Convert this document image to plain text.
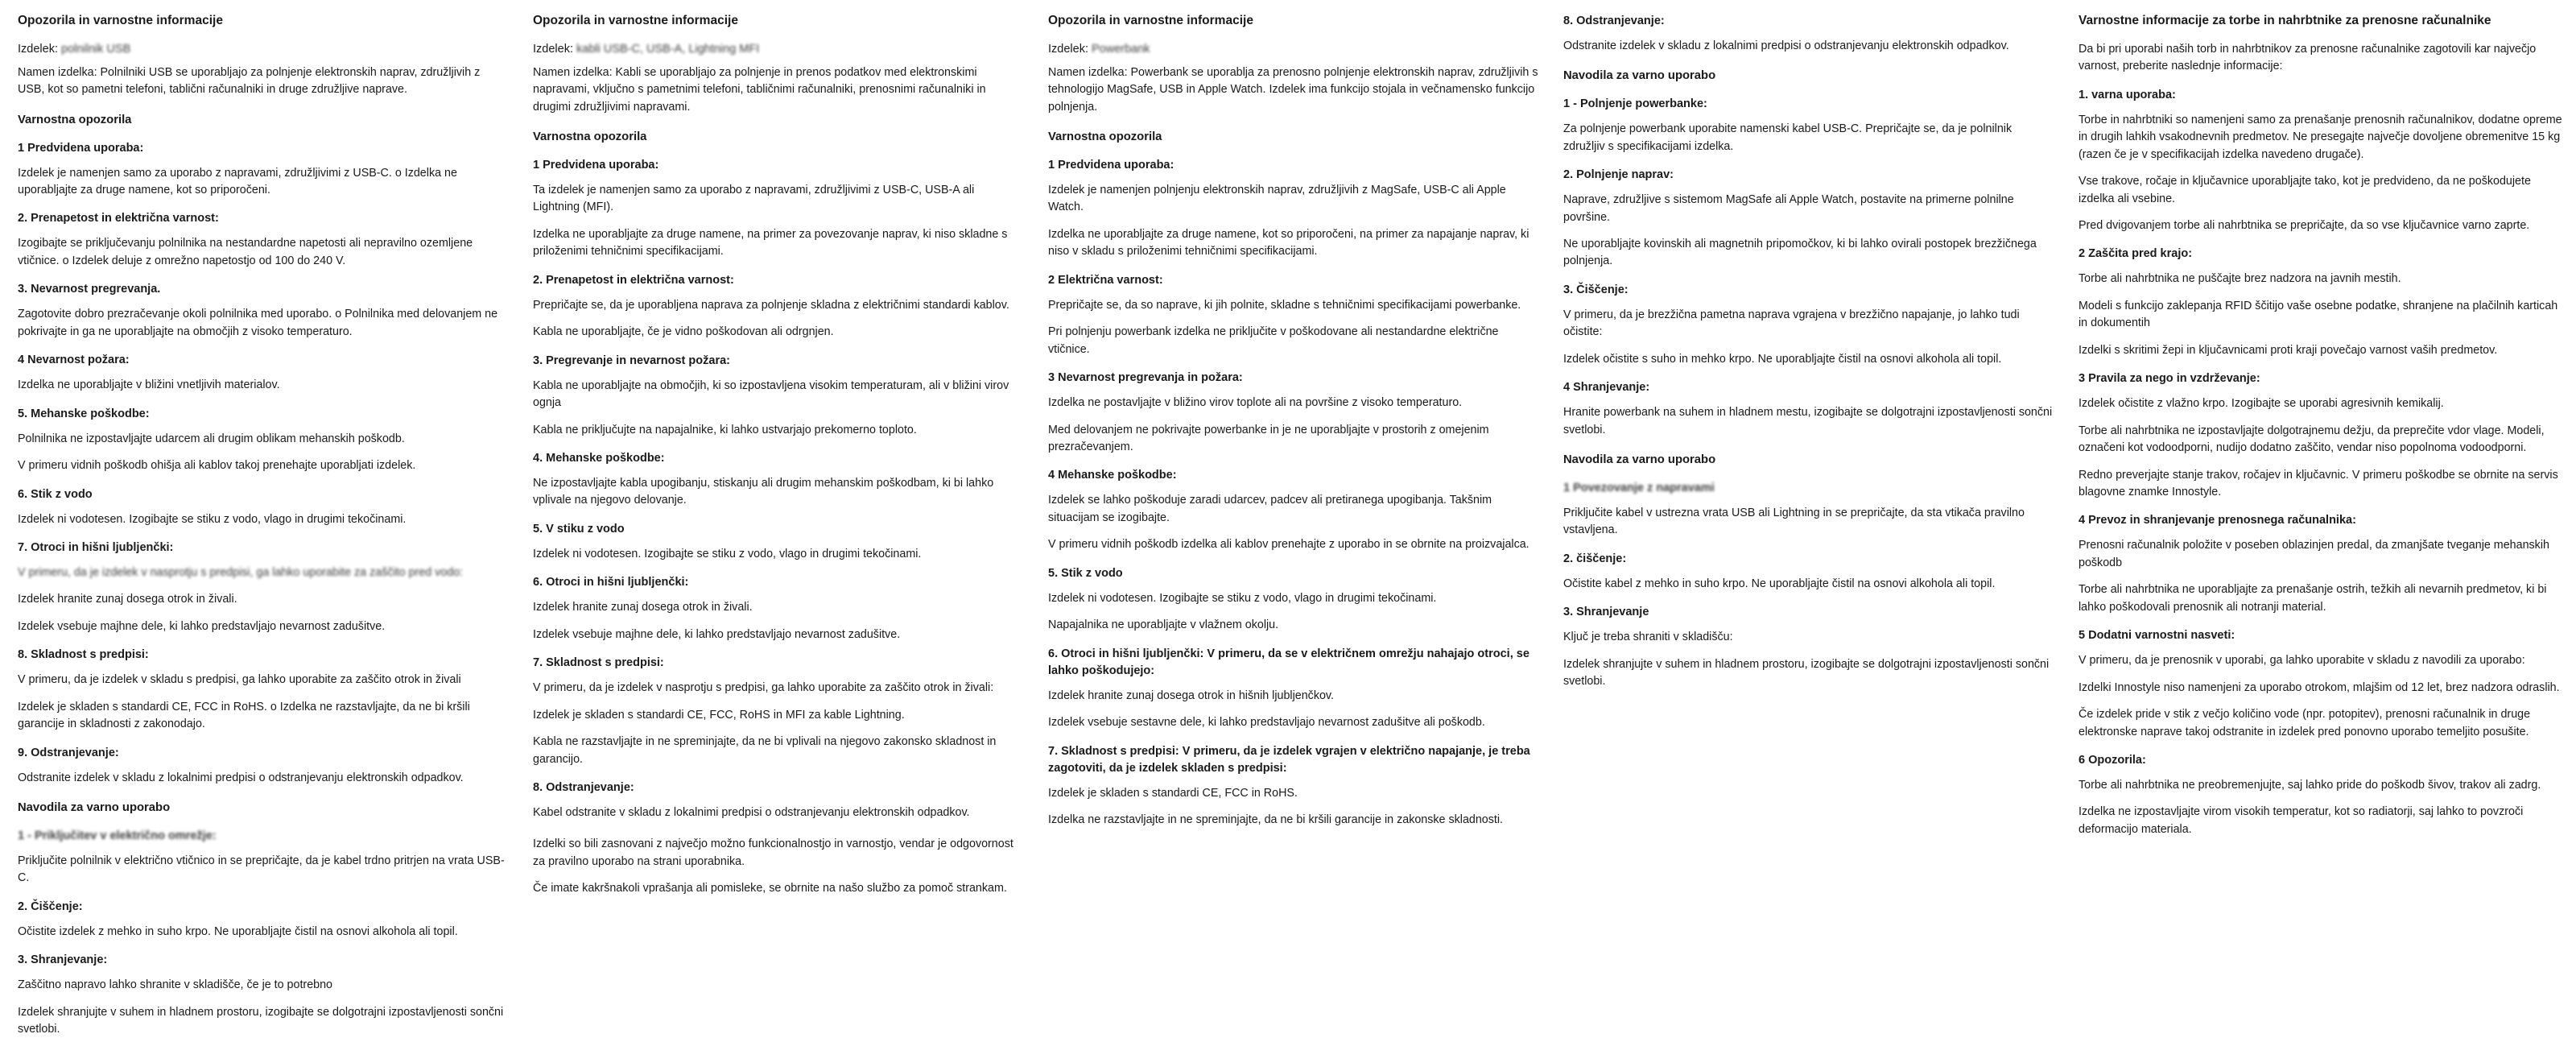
Opozorila in varnostne informacije

Izdelek: polnilnik USB

Namen izdelka: Polnilniki USB se uporabljajo za polnjenje elektronskih naprav, združljivih z USB, kot so pametni telefoni, tablični računalniki in druge združljive naprave.

Varnostna opozorila
1 Predvidena uporaba:

Izdelek je namenjen samo za uporabo z napravami, združljivimi z USB-C. o Izdelka ne uporabljajte za druge namene, kot so priporočeni.

2. Prenapetost in električna varnost:

Izogibajte se priključevanju polnilnika na nestandardne napetosti ali nepravilno ozemljene vtičnice. o Izdelek deluje z omrežno napetostjo od 100 do 240 V.

3. Nevarnost pregrevanja.

Zagotovite dobro prezračevanje okoli polnilnika med uporabo. o Polnilnika med delovanjem ne pokrivajte in ga ne uporabljajte na območjih z visoko temperaturo.

4 Nevarnost požara:

Izdelka ne uporabljajte v bližini vnetljivih materialov.

5. Mehanske poškodbe:

Polnilnika ne izpostavljajte udarcem ali drugim oblikam mehanskih poškodb.

V primeru vidnih poškodb ohišja ali kablov takoj prenehajte uporabljati izdelek.

6. Stik z vodo

Izdelek ni vodotesen. Izogibajte se stiku z vodo, vlago in drugimi tekočinami.

7. Otroci in hišni ljubljenčki:

V primeru, da je izdelek v nasprotju s predpisi, ga lahko uporabite za zaščito pred vodo:

Izdelek hranite zunaj dosega otrok in živali.

Izdelek vsebuje majhne dele, ki lahko predstavljajo nevarnost zadušitve.

8. Skladnost s predpisi:

V primeru, da je izdelek v skladu s predpisi, ga lahko uporabite za zaščito otrok in živali

Izdelek je skladen s standardi CE, FCC in RoHS. o Izdelka ne razstavljajte, da ne bi kršili garancije in skladnosti z zakonodajo.

9. Odstranjevanje:

Odstranite izdelek v skladu z lokalnimi predpisi o odstranjevanju elektronskih odpadkov.

Navodila za varno uporabo
1 - Priključitev v električno omrežje:

Priključite polnilnik v električno vtičnico in se prepričajte, da je kabel trdno pritrjen na vrata USB-C.

2. Čiščenje:

Očistite izdelek z mehko in suho krpo. Ne uporabljajte čistil na osnovi alkohola ali topil.

3. Shranjevanje:

Zaščitno napravo lahko shranite v skladišče, če je to potrebno

Izdelek shranjujte v suhem in hladnem prostoru, izogibajte se dolgotrajni izpostavljenosti sončni svetlobi.

Opozorila in varnostne informacije

Izdelek: kabli USB-C, USB-A, Lightning MFI

Namen izdelka: Kabli se uporabljajo za polnjenje in prenos podatkov med elektronskimi napravami, vključno s pametnimi telefoni, tabličnimi računalniki, prenosnimi računalniki in drugimi združljivimi napravami.

Varnostna opozorila
1 Predvidena uporaba:

Ta izdelek je namenjen samo za uporabo z napravami, združljivimi z USB-C, USB-A ali Lightning (MFI).

Izdelka ne uporabljajte za druge namene, na primer za povezovanje naprav, ki niso skladne s priloženimi tehničnimi specifikacijami.

2. Prenapetost in električna varnost:

Prepričajte se, da je uporabljena naprava za polnjenje skladna z električnimi standardi kablov.

Kabla ne uporabljajte, če je vidno poškodovan ali odrgnjen.

3. Pregrevanje in nevarnost požara:

Kabla ne uporabljajte na območjih, ki so izpostavljena visokim temperaturam, ali v bližini virov ognja

Kabla ne priključujte na napajalnike, ki lahko ustvarjajo prekomerno toploto.

4. Mehanske poškodbe:

Ne izpostavljajte kabla upogibanju, stiskanju ali drugim mehanskim poškodbam, ki bi lahko vplivale na njegovo delovanje.

5. V stiku z vodo

Izdelek ni vodotesen. Izogibajte se stiku z vodo, vlago in drugimi tekočinami.

6. Otroci in hišni ljubljenčki:

Izdelek hranite zunaj dosega otrok in živali.

Izdelek vsebuje majhne dele, ki lahko predstavljajo nevarnost zadušitve.

7. Skladnost s predpisi:

V primeru, da je izdelek v nasprotju s predpisi, ga lahko uporabite za zaščito otrok in živali:

Izdelek je skladen s standardi CE, FCC, RoHS in MFI za kable Lightning.

Kabla ne razstavljajte in ne spreminjajte, da ne bi vplivali na njegovo zakonsko skladnost in garancijo.

8. Odstranjevanje:

Kabel odstranite v skladu z lokalnimi predpisi o odstranjevanju elektronskih odpadkov.

Izdelki so bili zasnovani z največjo možno funkcionalnostjo in varnostjo, vendar je odgovornost za pravilno uporabo na strani uporabnika.

Če imate kakršnakoli vprašanja ali pomisleke, se obrnite na našo službo za pomoč strankam.

Opozorila in varnostne informacije

Izdelek: Powerbank

Namen izdelka: Powerbank se uporablja za prenosno polnjenje elektronskih naprav, združljivih s tehnologijo MagSafe, USB in Apple Watch. Izdelek ima funkcijo stojala in večnamensko funkcijo polnjenja.

Varnostna opozorila
1 Predvidena uporaba:

Izdelek je namenjen polnjenju elektronskih naprav, združljivih z MagSafe, USB-C ali Apple Watch.

Izdelka ne uporabljajte za druge namene, kot so priporočeni, na primer za napajanje naprav, ki niso v skladu s priloženimi tehničnimi specifikacijami.

2 Električna varnost:

Prepričajte se, da so naprave, ki jih polnite, skladne s tehničnimi specifikacijami powerbanke.

Pri polnjenju powerbank izdelka ne priključite v poškodovane ali nestandardne električne vtičnice.

3 Nevarnost pregrevanja in požara:

Izdelka ne postavljajte v bližino virov toplote ali na površine z visoko temperaturo.

Med delovanjem ne pokrivajte powerbanke in je ne uporabljajte v prostorih z omejenim prezračevanjem.

4 Mehanske poškodbe:

Izdelek se lahko poškoduje zaradi udarcev, padcev ali pretiranega upogibanja. Takšnim situacijam se izogibajte.

V primeru vidnih poškodb izdelka ali kablov prenehajte z uporabo in se obrnite na proizvajalca.

5. Stik z vodo

Izdelek ni vodotesen. Izogibajte se stiku z vodo, vlago in drugimi tekočinami.

Napajalnika ne uporabljajte v vlažnem okolju.

6. Otroci in hišni ljubljenčki: V primeru, da se v električnem omrežju nahajajo otroci, se lahko poškodujejo:

Izdelek hranite zunaj dosega otrok in hišnih ljubljenčkov.

Izdelek vsebuje sestavne dele, ki lahko predstavljajo nevarnost zadušitve ali poškodb.

7. Skladnost s predpisi: V primeru, da je izdelek vgrajen v električno napajanje, je treba zagotoviti, da je izdelek skladen s predpisi:

Izdelek je skladen s standardi CE, FCC in RoHS.

Izdelka ne razstavljajte in ne spreminjajte, da ne bi kršili garancije in zakonske skladnosti.

8. Odstranjevanje:

Odstranite izdelek v skladu z lokalnimi predpisi o odstranjevanju elektronskih odpadkov.

Navodila za varno uporabo
1 - Polnjenje powerbanke:

Za polnjenje powerbank uporabite namenski kabel USB-C. Prepričajte se, da je polnilnik združljiv s specifikacijami izdelka.

2. Polnjenje naprav:

Naprave, združljive s sistemom MagSafe ali Apple Watch, postavite na primerne polnilne površine.

Ne uporabljajte kovinskih ali magnetnih pripomočkov, ki bi lahko ovirali postopek brezžičnega polnjenja.

3. Čiščenje:

V primeru, da je brezžična pametna naprava vgrajena v brezžično napajanje, jo lahko tudi očistite:

Izdelek očistite s suho in mehko krpo. Ne uporabljajte čistil na osnovi alkohola ali topil.

4 Shranjevanje:

Hranite powerbank na suhem in hladnem mestu, izogibajte se dolgotrajni izpostavljenosti sončni svetlobi.

Navodila za varno uporabo
1 Povezovanje z napravami

Priključite kabel v ustrezna vrata USB ali Lightning in se prepričajte, da sta vtikača pravilno vstavljena.

2. čiščenje:

Očistite kabel z mehko in suho krpo. Ne uporabljajte čistil na osnovi alkohola ali topil.

3. Shranjevanje

Ključ je treba shraniti v skladišču:

Izdelek shranjujte v suhem in hladnem prostoru, izogibajte se dolgotrajni izpostavljenosti sončni svetlobi.

Varnostne informacije za torbe in nahrbtnike za prenosne računalnike

Da bi pri uporabi naših torb in nahrbtnikov za prenosne računalnike zagotovili kar največjo varnost, preberite naslednje informacije:

1. varna uporaba:

Torbe in nahrbtniki so namenjeni samo za prenašanje prenosnih računalnikov, dodatne opreme in drugih lahkih vsakodnevnih predmetov. Ne presegajte največje dovoljene obremenitve 15 kg (razen če je v specifikacijah izdelka navedeno drugače).

Vse trakove, ročaje in ključavnice uporabljajte tako, kot je predvideno, da ne poškodujete izdelka ali vsebine.

Pred dvigovanjem torbe ali nahrbtnika se prepričajte, da so vse ključavnice varno zaprte.

2 Zaščita pred krajo:

Torbe ali nahrbtnika ne puščajte brez nadzora na javnih mestih.

Modeli s funkcijo zaklepanja RFID ščitijo vaše osebne podatke, shranjene na plačilnih karticah in dokumentih

Izdelki s skritimi žepi in ključavnicami proti kraji povečajo varnost vaših predmetov.

3 Pravila za nego in vzdrževanje:

Izdelek očistite z vlažno krpo. Izogibajte se uporabi agresivnih kemikalij.

Torbe ali nahrbtnika ne izpostavljajte dolgotrajnemu dežju, da preprečite vdor vlage. Modeli, označeni kot vodoodporni, nudijo dodatno zaščito, vendar niso popolnoma vodoodporni.

Redno preverjajte stanje trakov, ročajev in ključavnic. V primeru poškodbe se obrnite na servis blagovne znamke Innostyle.

4 Prevoz in shranjevanje prenosnega računalnika:

Prenosni računalnik položite v poseben oblazinjen predal, da zmanjšate tveganje mehanskih poškodb

Torbe ali nahrbtnika ne uporabljajte za prenašanje ostrih, težkih ali nevarnih predmetov, ki bi lahko poškodovali prenosnik ali notranji material.

5 Dodatni varnostni nasveti:

V primeru, da je prenosnik v uporabi, ga lahko uporabite v skladu z navodili za uporabo:

Izdelki Innostyle niso namenjeni za uporabo otrokom, mlajšim od 12 let, brez nadzora odraslih.

Če izdelek pride v stik z večjo količino vode (npr. potopitev), prenosni računalnik in druge elektronske naprave takoj odstranite in izdelek pred ponovno uporabo temeljito posušite.

6 Opozorila:

Torbe ali nahrbtnika ne preobremenjujte, saj lahko pride do poškodb šivov, trakov ali zadrg.

Izdelka ne izpostavljajte virom visokih temperatur, kot so radiatorji, saj lahko to povzroči deformacijo materiala.
